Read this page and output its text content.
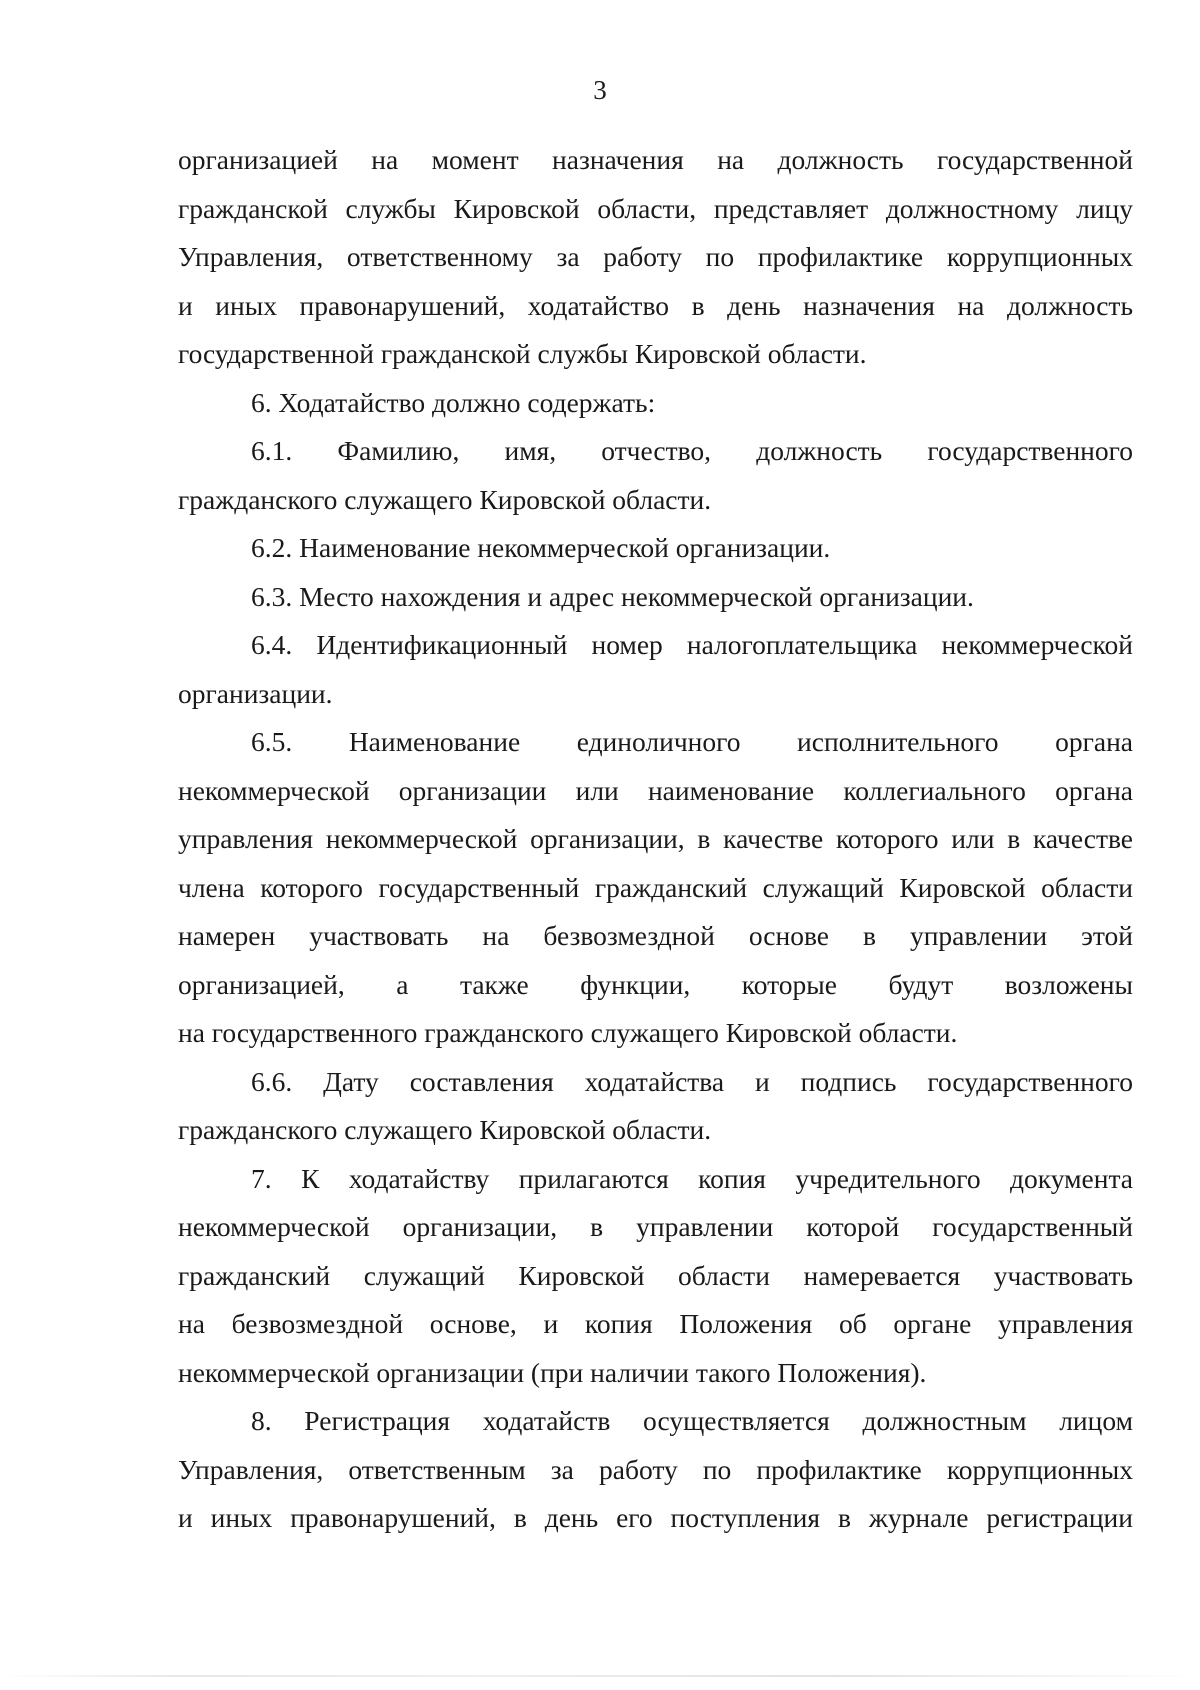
3

организацией на момент назначения на должность государственной
гражданской службы Кировской области, представляет должностному лицу
Управления, ответственному за работу по профилактике коррупционных
и иных правонарушений, ходатайство в день назначения на должность
государственной гражданской службы Кировской области.

6. Ходатайство должно содержать:

6.1. Фамилию, имя, отчество, должность государственного
гражданского служащего Кировской области.

6.2. Наименование некоммерческой организации.

6.3. Место нахождения и адрес некоммерческой организации.

6.4. Идентификационный номер налогоплательщика некоммерческой
организации.

6.5. Наименование единоличного исполнительного органа
некоммерческой организации или наименование коллегиального органа
управления некоммерческой организации, в качестве которого или в качестве
члена которого государственный гражданский служащий Кировской области
намерен участвовать на безвозмездной основе в управлении этой
организацией, а также функции, которые будут возложены
на государственного гражданского служащего Кировской области.

6.6. Дату составления ходатайства и подпись государственного
гражданского служащего Кировской области.

7. К ходатайству прилагаются копия учредительного документа
некоммерческой организации, в управлении которой государственный
гражданский служащий Кировской области намеревается участвовать
на безвозмездной основе, и копия Положения об органе управления
некоммерческой организации (при наличии такого Положения).

8. Регистрация ходатайств осуществляется должностным лицом
Управления, ответственным за работу по профилактике коррупционных
и иных правонарушений, в день его поступления в журнале регистрации
